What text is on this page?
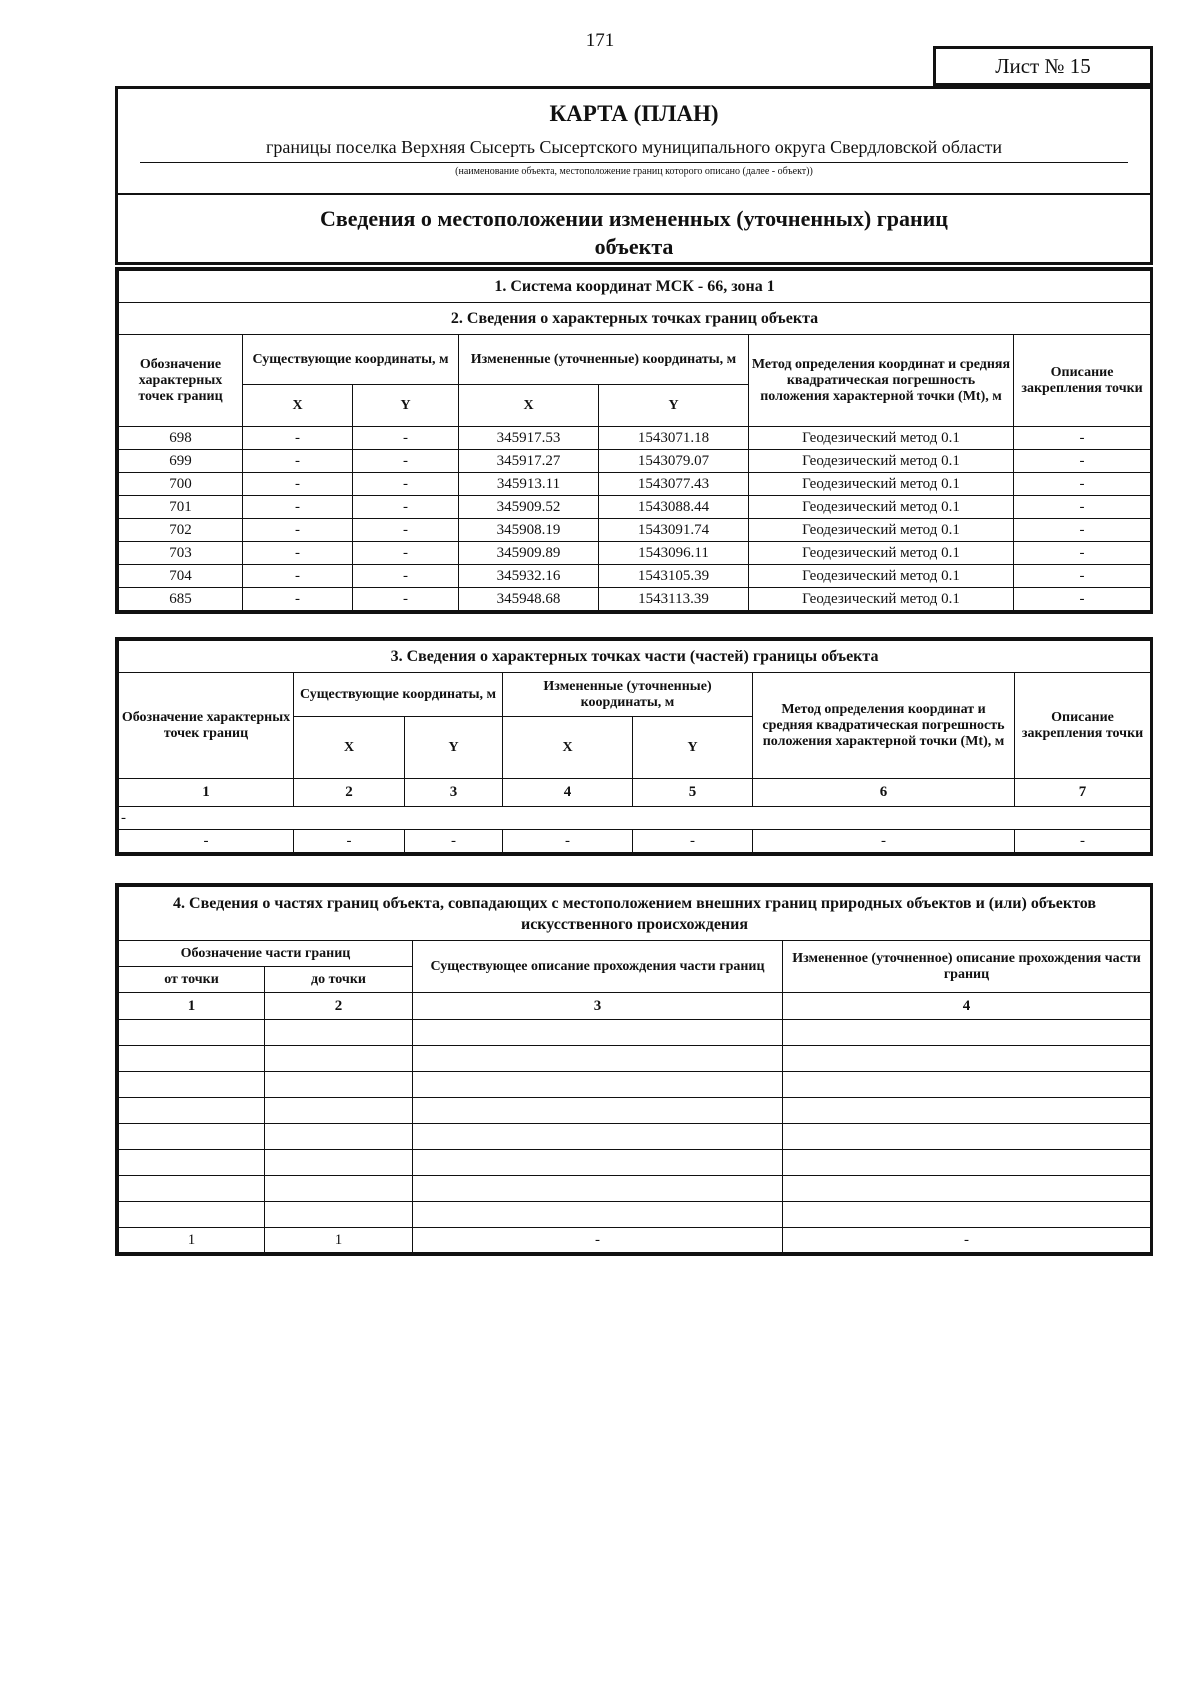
171
Лист № 15
КАРТА (ПЛАН)
границы поселка Верхняя Сысерть Сысертского муниципального округа Свердловской области
(наименование объекта, местоположение границ которого описано (далее - объект))
Сведения о местоположении измененных (уточненных) границ
объекта
1. Система координат МСК - 66, зона 1						
2. Сведения о характерных точках границ объекта						
Обозначение характерных точек границ	Существующие координаты, м		Измененные (уточненные) координаты, м		Метод определения координат и средняя квадратическая погрешность положения характерной точки (Mt), м	Описание закрепления точки
	X	Y	X	Y		
698	-	-	345917.53	1543071.18	Геодезический метод 0.1	-
699	-	-	345917.27	1543079.07	Геодезический метод 0.1	-
700	-	-	345913.11	1543077.43	Геодезический метод 0.1	-
701	-	-	345909.52	1543088.44	Геодезический метод 0.1	-
702	-	-	345908.19	1543091.74	Геодезический метод 0.1	-
703	-	-	345909.89	1543096.11	Геодезический метод 0.1	-
704	-	-	345932.16	1543105.39	Геодезический метод 0.1	-
685	-	-	345948.68	1543113.39	Геодезический метод 0.1	-
3. Сведения о характерных точках части (частей) границы объекта						
Обозначение характерных точек границ	Существующие координаты, м		Измененные (уточненные) координаты, м		Метод определения координат и средняя квадратическая погрешность положения характерной точки (Mt), м	Описание закрепления точки
	X	Y	X	Y		
1	2	3	4	5	6	7
-						
-	-	-	-	-	-	-
4. Сведения о частях границ объекта, совпадающих с местоположением внешних границ природных объектов и (или) объектов искусственного происхождения			
Обозначение части границ		Существующее описание прохождения части границ	Измененное (уточненное) описание прохождения части границ
от точки	до точки		
1	2	3	4

1	1	-	-
